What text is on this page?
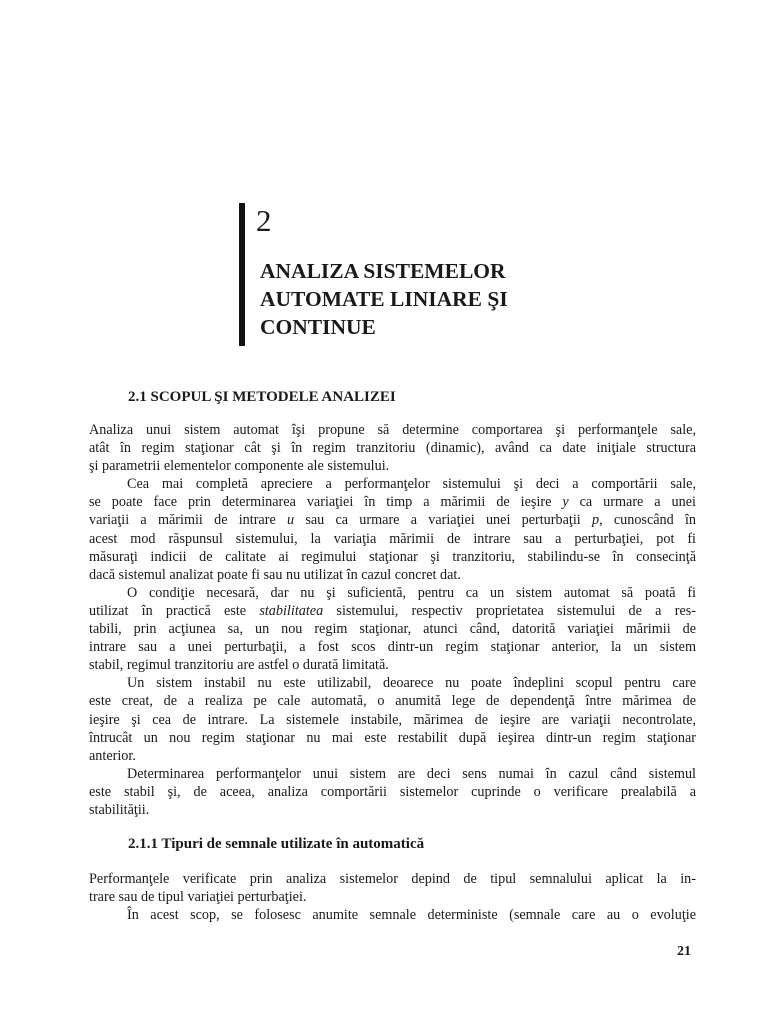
2
ANALIZA SISTEMELOR
AUTOMATE LINIARE ŞI
CONTINUE
2.1 SCOPUL ŞI METODELE ANALIZEI

Analiza unui sistem automat îşi propune să determine comportarea şi performanţele sale,
atât în regim staţionar cât şi în regim tranzitoriu (dinamic), având ca date iniţiale structura
şi parametrii elementelor componente ale sistemului.

Cea mai completă apreciere a performanţelor sistemului şi deci a comportării sale,
se poate face prin determinarea variaţiei în timp a mărimii de ieşire y ca urmare a unei
variaţii a mărimii de intrare u sau ca urmare a variaţiei unei perturbaţii p, cunoscând în
acest mod răspunsul sistemului, la variaţia mărimii de intrare sau a perturbaţiei, pot fi
măsuraţi indicii de calitate ai regimului staţionar şi tranzitoriu, stabilindu-se în consecinţă
dacă sistemul analizat poate fi sau nu utilizat în cazul concret dat.

O condiţie necesară, dar nu şi suficientă, pentru ca un sistem automat să poată fi
utilizat în practică este stabilitatea sistemului, respectiv proprietatea sistemului de a res-
tabili, prin acţiunea sa, un nou regim staţionar, atunci când, datorită variaţiei mărimii de
intrare sau a unei perturbaţii, a fost scos dintr-un regim staţionar anterior, la un sistem
stabil, regimul tranzitoriu are astfel o durată limitată.

Un sistem instabil nu este utilizabil, deoarece nu poate îndeplini scopul pentru care
este creat, de a realiza pe cale automată, o anumită lege de dependenţă între mărimea de
ieşire şi cea de intrare. La sistemele instabile, mărimea de ieşire are variaţii necontrolate,
întrucât un nou regim staţionar nu mai este restabilit după ieşirea dintr-un regim staţionar
anterior.

Determinarea performanţelor unui sistem are deci sens numai în cazul când sistemul
este stabil şi, de aceea, analiza comportării sistemelor cuprinde o verificare prealabilă a
stabilităţii.

2.1.1 Tipuri de semnale utilizate în automatică

Performanţele verificate prin analiza sistemelor depind de tipul semnalului aplicat la in-
trare sau de tipul variaţiei perturbaţiei.

În acest scop, se folosesc anumite semnale deterministe (semnale care au o evoluţie

21
